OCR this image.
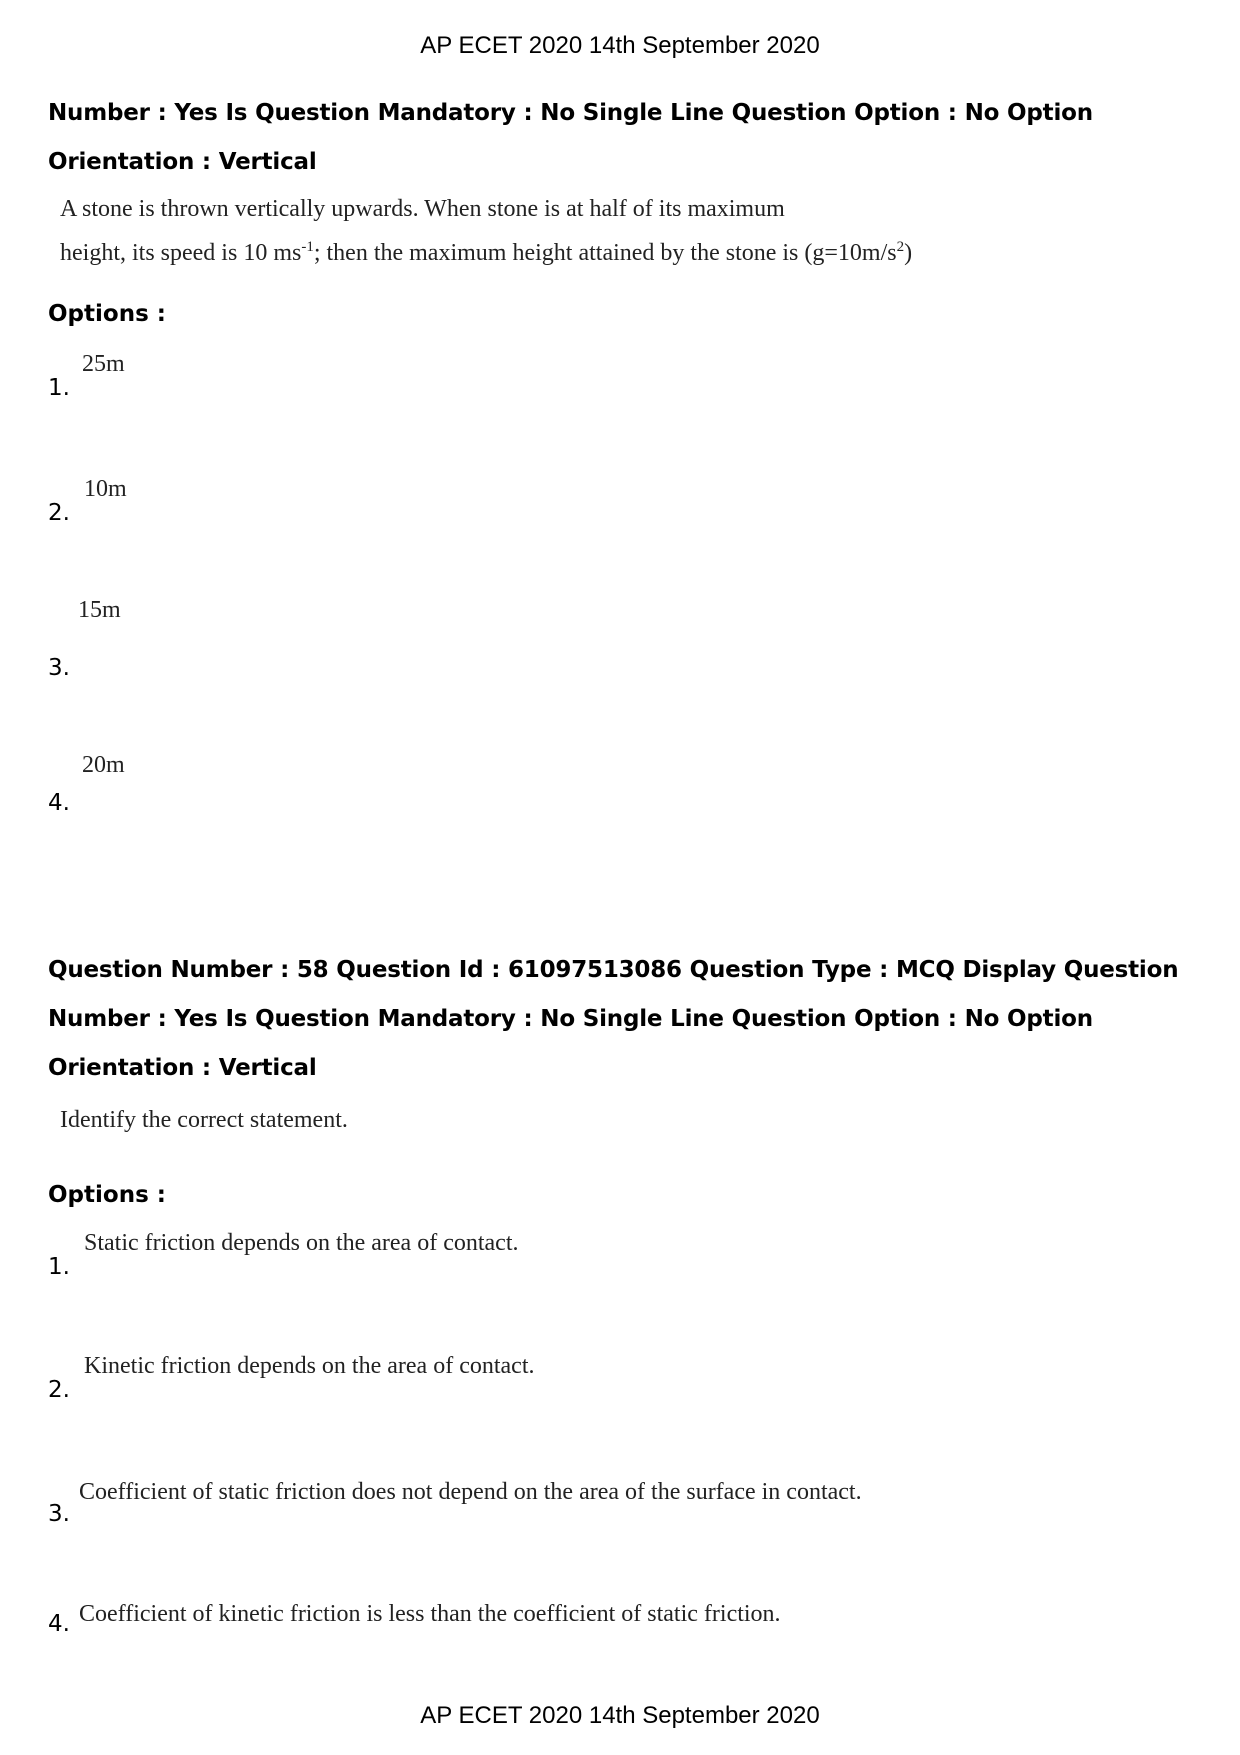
AP ECET 2020 14th September 2020
Number : Yes Is Question Mandatory : No Single Line Question Option : No Option
Orientation : Vertical
A stone is thrown vertically upwards. When stone is at half of its maximum
height, its speed is 10 $ms^{-1}$; then the maximum height attained by the stone is $(g=10m/s^2)$
Options :
1.
25m
2.
10m
3.
15m
4.
20m
Question Number : 58 Question Id : 61097513086 Question Type : MCQ Display Question
Number : Yes Is Question Mandatory : No Single Line Question Option : No Option
Orientation : Vertical
Identify the correct statement.
Options :
1.
Static friction depends on the area of contact.
2.
Kinetic friction depends on the area of contact.
3.
Coefficient of static friction does not depend on the area of the surface in contact.
4. Coefficient of kinetic friction is less than the coefficient of static friction.
AP ECET 2020 14th September 2020
